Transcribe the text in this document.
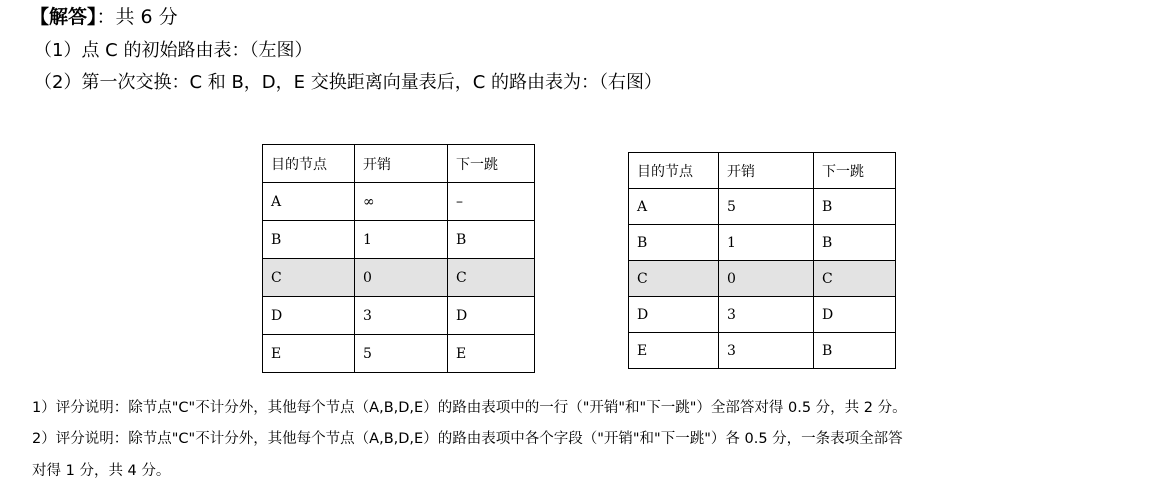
【解答】：共 6 分
（1）点 C 的初始路由表：（左图）
（2）第一次交换：C 和 B，D，E 交换距离向量表后，C 的路由表为：（右图）
目的节点	开销	下一跳
A	∞	–
B	1	B
C	0	C
D	3	D
E	5	E
目的节点	开销	下一跳
A	5	B
B	1	B
C	0	C
D	3	D
E	3	B
1）评分说明：除节点"C"不计分外，其他每个节点（A,B,D,E）的路由表项中的一行（"开销"和"下一跳"）全部答对得 0.5 分，共 2 分。
2）评分说明：除节点"C"不计分外，其他每个节点（A,B,D,E）的路由表项中各个字段（"开销"和"下一跳"）各 0.5 分，一条表项全部答
对得 1 分，共 4 分。
